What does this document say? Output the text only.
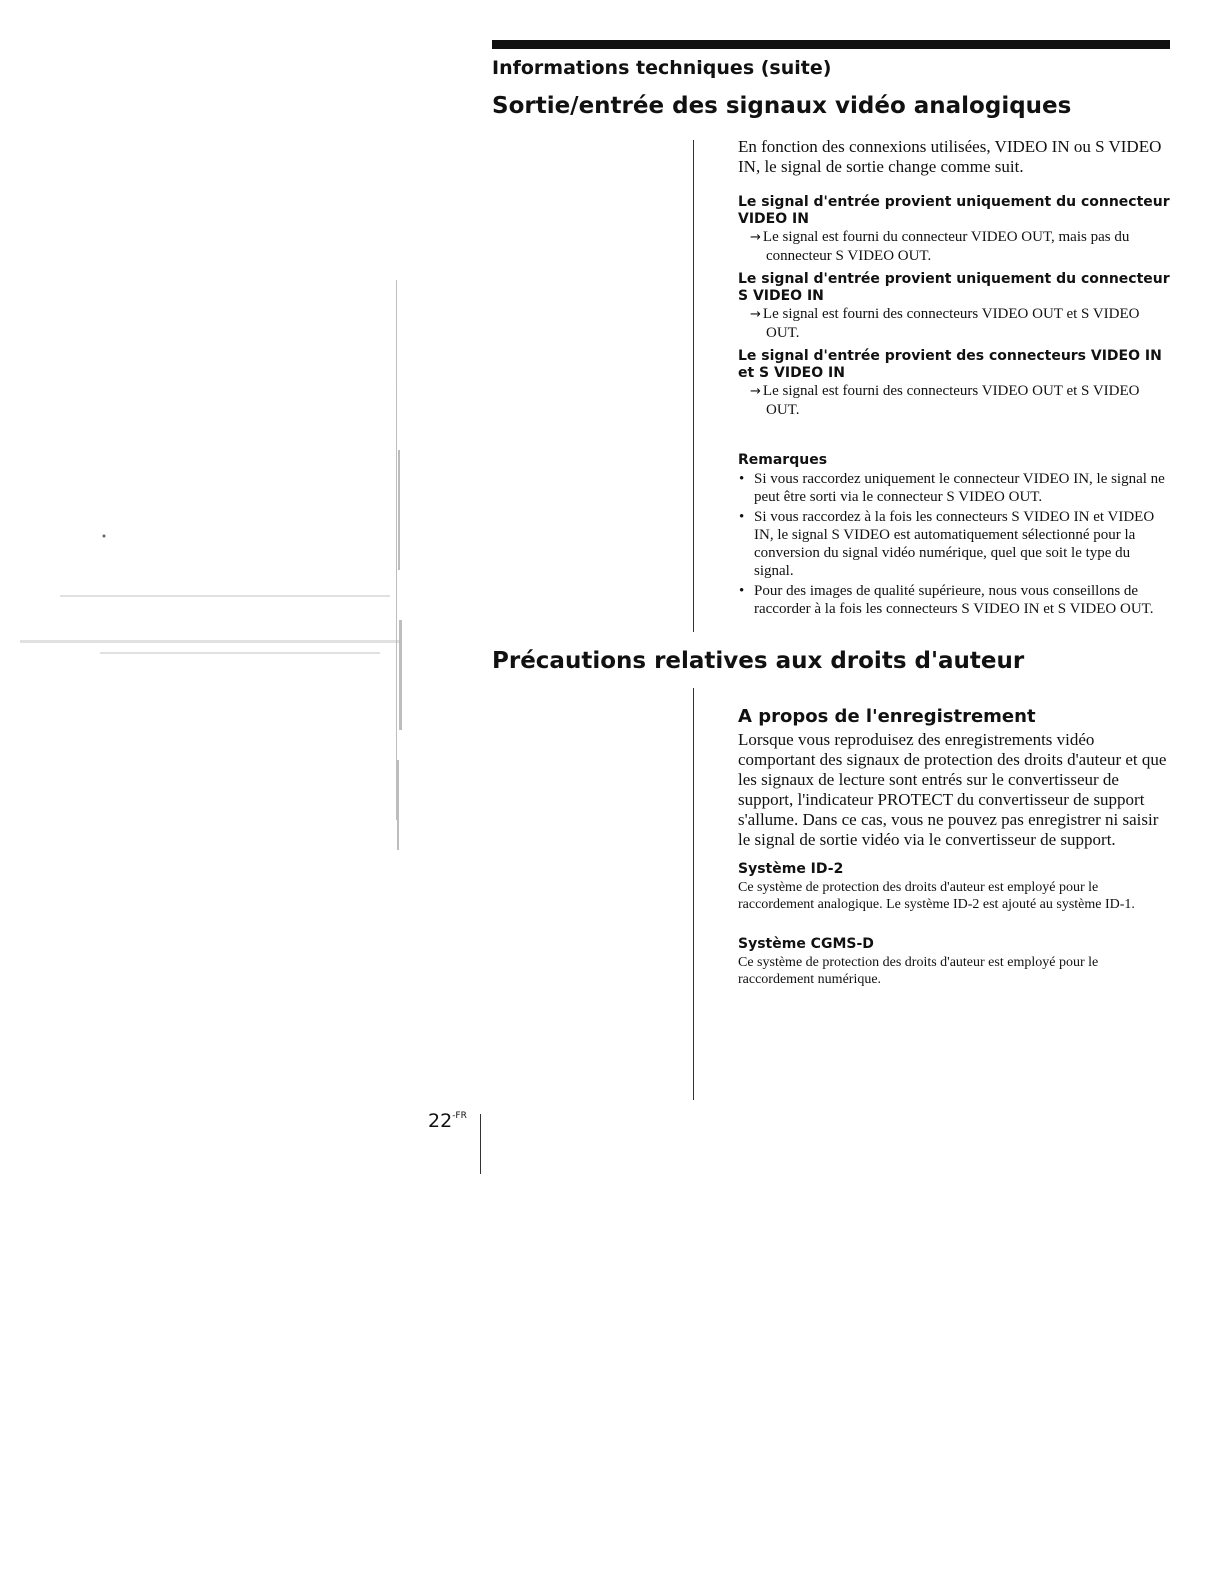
Informations techniques (suite)
Sortie/entrée des signaux vidéo analogiques

En fonction des connexions utilisées, VIDEO IN ou S VIDEO IN, le signal de sortie change comme suit.

Le signal d'entrée provient uniquement du connecteur VIDEO IN

→ Le signal est fourni du connecteur VIDEO OUT, mais pas du connecteur S VIDEO OUT.

Le signal d'entrée provient uniquement du connecteur S VIDEO IN

→ Le signal est fourni des connecteurs VIDEO OUT et S VIDEO OUT.

Le signal d'entrée provient des connecteurs VIDEO IN et S VIDEO IN

→ Le signal est fourni des connecteurs VIDEO OUT et S VIDEO OUT.

Remarques

• Si vous raccordez uniquement le connecteur VIDEO IN, le signal ne peut être sorti via le connecteur S VIDEO OUT.
• Si vous raccordez à la fois les connecteurs S VIDEO IN et VIDEO IN, le signal S VIDEO est automatiquement sélectionné pour la conversion du signal vidéo numérique, quel que soit le type du signal.
• Pour des images de qualité supérieure, nous vous conseillons de raccorder à la fois les connecteurs S VIDEO IN et S VIDEO OUT.
Précautions relatives aux droits d'auteur
A propos de l'enregistrement

Lorsque vous reproduisez des enregistrements vidéo comportant des signaux de protection des droits d'auteur et que les signaux de lecture sont entrés sur le convertisseur de support, l'indicateur PROTECT du convertisseur de support s'allume. Dans ce cas, vous ne pouvez pas enregistrer ni saisir le signal de sortie vidéo via le convertisseur de support.

Système ID-2

Ce système de protection des droits d'auteur est employé pour le raccordement analogique. Le système ID-2 est ajouté au système ID-1.

Système CGMS-D

Ce système de protection des droits d'auteur est employé pour le raccordement numérique.

$22^{-FR}$
